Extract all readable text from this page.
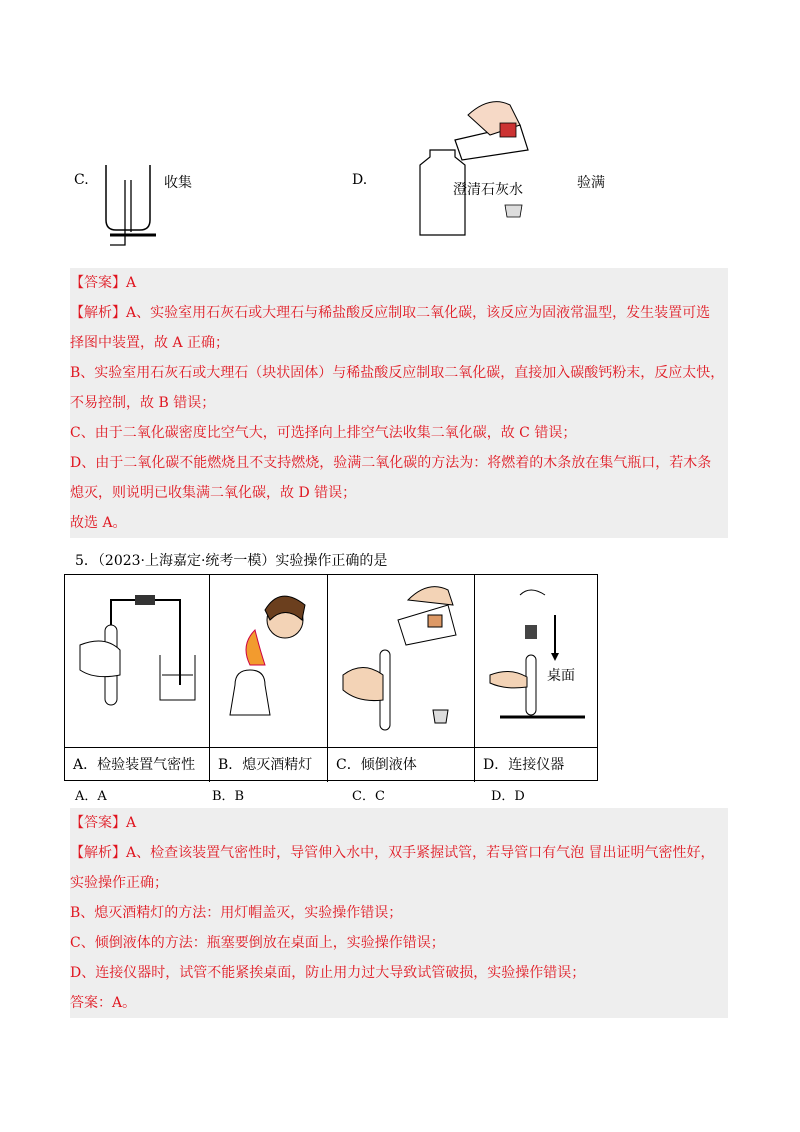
C.	收集	D.
澄清石灰水	验满
【答案】A
【解析】A、实验室用石灰石或大理石与稀盐酸反应制取二氧化碳，该反应为固液常温型，发生装置可选
择图中装置，故 A 正确；
B、实验室用石灰石或大理石（块状固体）与稀盐酸反应制取二氧化碳，直接加入碳酸钙粉末，反应太快，
不易控制，故 B 错误；
C、由于二氧化碳密度比空气大，可选择向上排空气法收集二氧化碳，故 C 错误；
D、由于二氧化碳不能燃烧且不支持燃烧，验满二氧化碳的方法为：将燃着的木条放在集气瓶口，若木条
熄灭，则说明已收集满二氧化碳，故 D 错误；
故选 A。
5．（2023·上海嘉定·统考一模）实验操作正确的是
桌面
A．检验装置气密性	B．熄灭酒精灯	C．倾倒液体	D．连接仪器
A．A	B．B	C．C	D．D
【答案】A
【解析】A、检查该装置气密性时，导管伸入水中，双手紧握试管，若导管口有气泡 冒出证明气密性好，
实验操作正确；
B、熄灭酒精灯的方法：用灯帽盖灭，实验操作错误；
C、倾倒液体的方法：瓶塞要倒放在桌面上，实验操作错误；
D、连接仪器时，试管不能紧挨桌面，防止用力过大导致试管破损，实验操作错误；
答案：A。
